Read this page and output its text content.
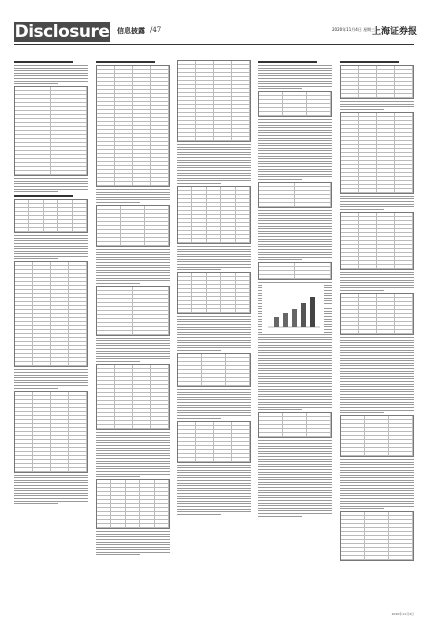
Disclosure 信息披露 /47	2020年11月4日 星期三
上海证券报
2020年11月4日
